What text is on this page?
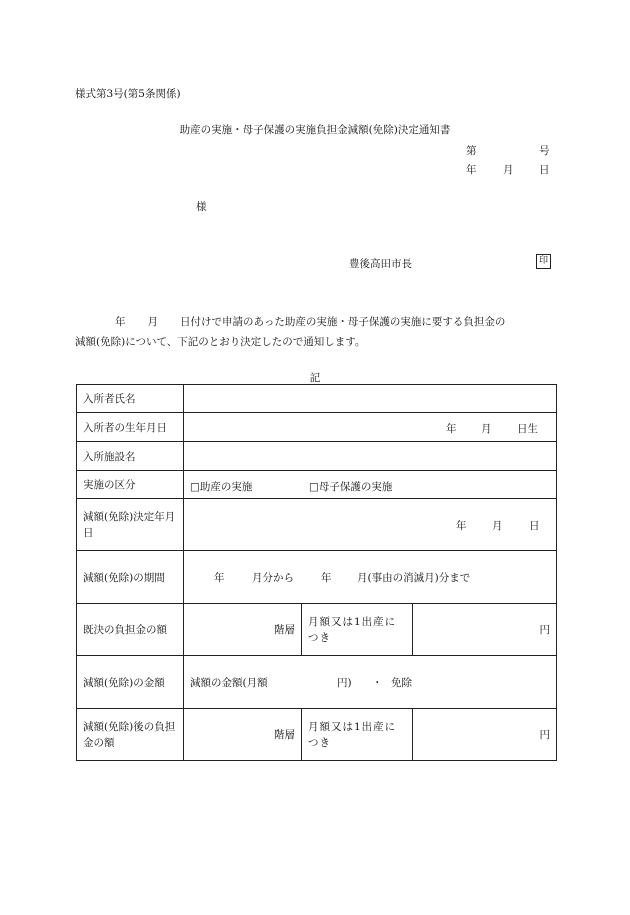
様式第3号(第5条関係)
助産の実施・母子保護の実施負担金減額(免除)決定通知書
第	号
年	月 日
様
豊後高田市長	印
年 月 日付けで申請のあった助産の実施・母子保護の実施に要する負担金の
減額(免除)について、下記のとおり決定したので通知します。
記
入所者氏名			
入所者の生年月日	年 月 日生		

入所施設名			
実施の区分	□助産の実施 □母子保護の実施		

減額(免除)決定年月日	年 月 日		

減額(免除)の期間	年 月分から 年 月(事由の消滅月)分まで		

既決の負担金の額	階層	月額又は1出産につき	円
減額(免除)の金額	減額の金額(月額 円) ・ 免除		

減額(免除)後の負担金の額	階層	月額又は1出産につき	円
